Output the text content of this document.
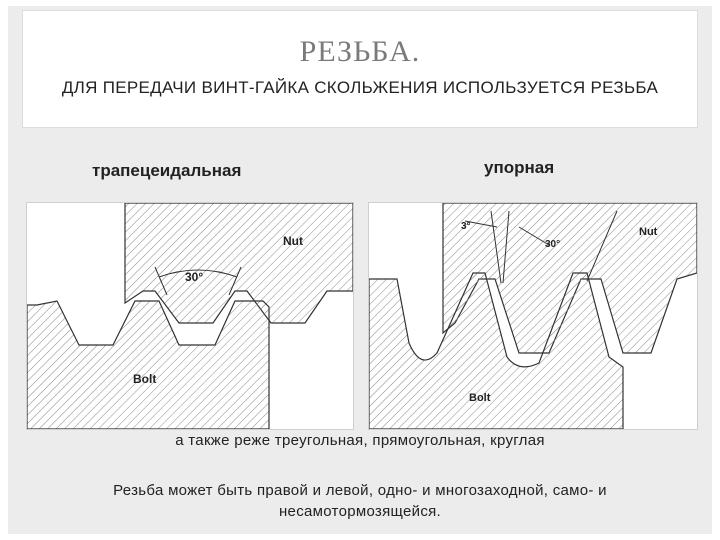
РЕЗЬБА.
ДЛЯ ПЕРЕДАЧИ ВИНТ-ГАЙКА СКОЛЬЖЕНИЯ ИСПОЛЬЗУЕТСЯ РЕЗЬБА
трапецеидальная	упорная
30°
Nut
Bolt
3°
30°
Nut
Bolt
а также реже треугольная, прямоугольная, круглая
Резьба может быть правой и левой, одно- и многозаходной, само- и несамотормозящейся.
